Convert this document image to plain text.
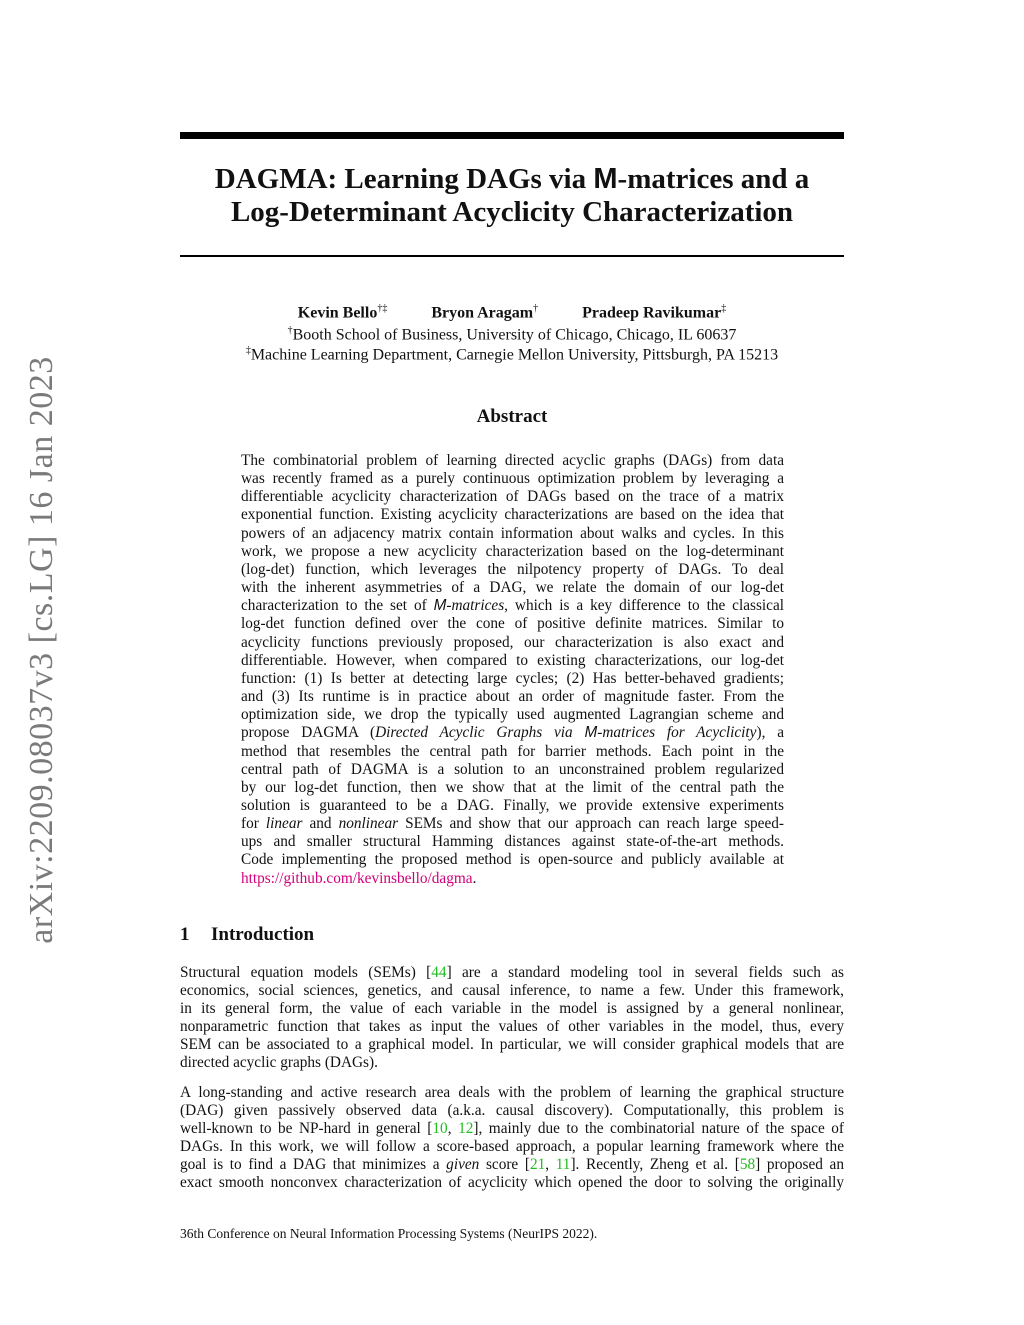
arXiv:2209.08037v3 [cs.LG] 16 Jan 2023
DAGMA: Learning DAGs via M-matrices and a
Log-Determinant Acyclicity Characterization
Kevin Bello†‡	Bryon Aragam†	Pradeep Ravikumar‡
†Booth School of Business, University of Chicago, Chicago, IL 60637
‡Machine Learning Department, Carnegie Mellon University, Pittsburgh, PA 15213
Abstract
The combinatorial problem of learning directed acyclic graphs (DAGs) from data
was recently framed as a purely continuous optimization problem by leveraging a
differentiable acyclicity characterization of DAGs based on the trace of a matrix
exponential function. Existing acyclicity characterizations are based on the idea that
powers of an adjacency matrix contain information about walks and cycles. In this
work, we propose a new acyclicity characterization based on the log-determinant
(log-det) function, which leverages the nilpotency property of DAGs. To deal
with the inherent asymmetries of a DAG, we relate the domain of our log-det
characterization to the set of M-matrices, which is a key difference to the classical
log-det function defined over the cone of positive definite matrices. Similar to
acyclicity functions previously proposed, our characterization is also exact and
differentiable. However, when compared to existing characterizations, our log-det
function: (1) Is better at detecting large cycles; (2) Has better-behaved gradients;
and (3) Its runtime is in practice about an order of magnitude faster. From the
optimization side, we drop the typically used augmented Lagrangian scheme and
propose DAGMA (Directed Acyclic Graphs via M-matrices for Acyclicity), a
method that resembles the central path for barrier methods. Each point in the
central path of DAGMA is a solution to an unconstrained problem regularized
by our log-det function, then we show that at the limit of the central path the
solution is guaranteed to be a DAG. Finally, we provide extensive experiments
for linear and nonlinear SEMs and show that our approach can reach large speed-
ups and smaller structural Hamming distances against state-of-the-art methods.
Code implementing the proposed method is open-source and publicly available at
https://github.com/kevinsbello/dagma.
1 Introduction
Structural equation models (SEMs) [44] are a standard modeling tool in several fields such as
economics, social sciences, genetics, and causal inference, to name a few. Under this framework,
in its general form, the value of each variable in the model is assigned by a general nonlinear,
nonparametric function that takes as input the values of other variables in the model, thus, every
SEM can be associated to a graphical model. In particular, we will consider graphical models that are
directed acyclic graphs (DAGs).
A long-standing and active research area deals with the problem of learning the graphical structure
(DAG) given passively observed data (a.k.a. causal discovery). Computationally, this problem is
well-known to be NP-hard in general [10, 12], mainly due to the combinatorial nature of the space of
DAGs. In this work, we will follow a score-based approach, a popular learning framework where the
goal is to find a DAG that minimizes a given score [21, 11]. Recently, Zheng et al. [58] proposed an
exact smooth nonconvex characterization of acyclicity which opened the door to solving the originally
36th Conference on Neural Information Processing Systems (NeurIPS 2022).
